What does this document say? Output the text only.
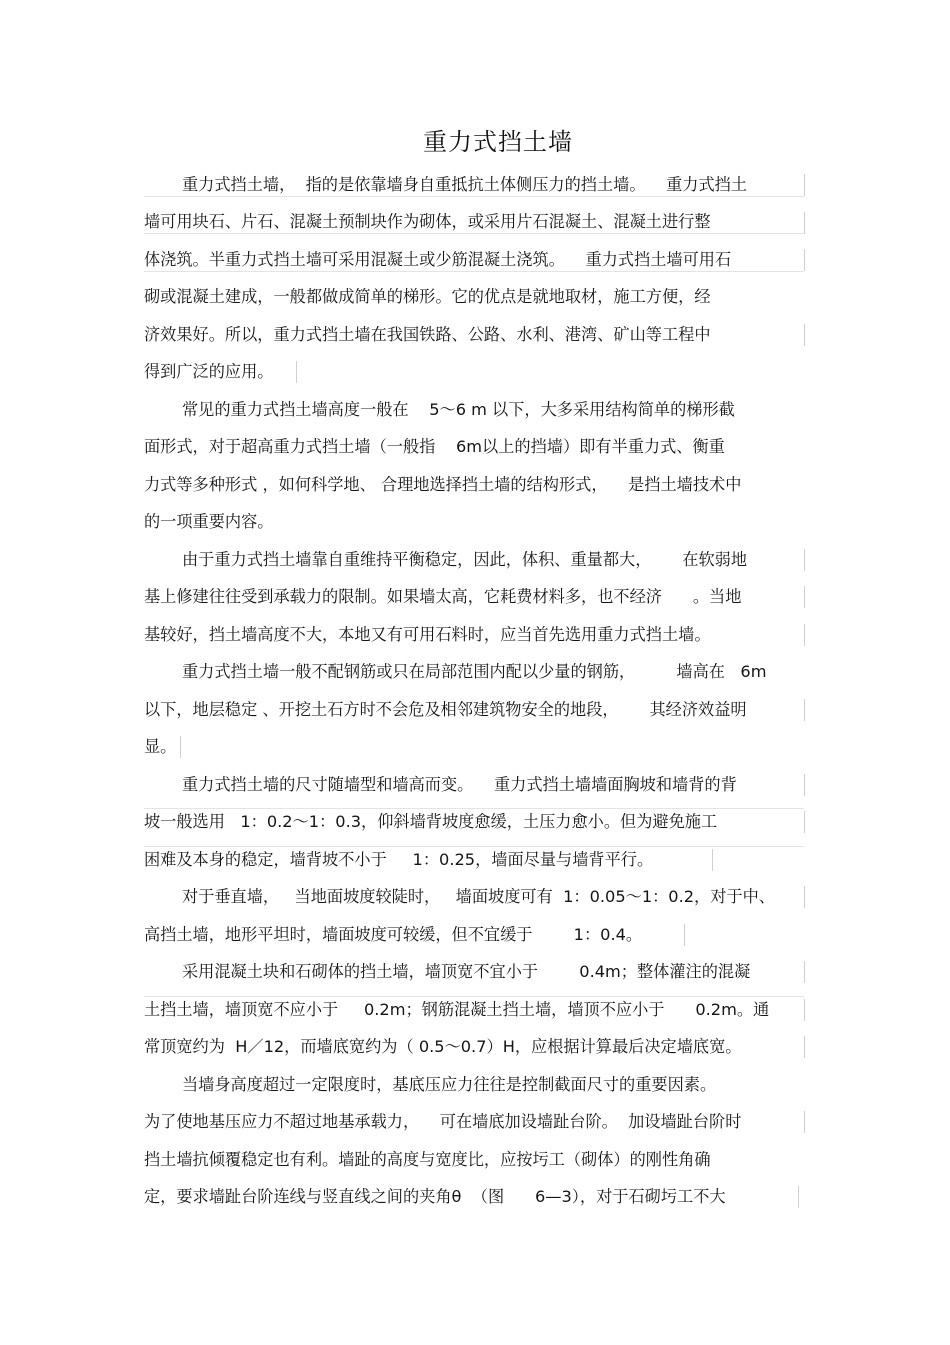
重力式挡土墙
重力式挡土墙，  指的是依靠墙身自重抵抗土体侧压力的挡土墙。    重力式挡土
墙可用块石、片石、混凝土预制块作为砌体，或采用片石混凝土、混凝土进行整
体浇筑。半重力式挡土墙可采用混凝土或少筋混凝土浇筑。    重力式挡土墙可用石
砌或混凝土建成，一般都做成简单的梯形。它的优点是就地取材，施工方便，经
济效果好。所以，重力式挡土墙在我国铁路、公路、水利、港湾、矿山等工程中
得到广泛的应用。
常见的重力式挡土墙高度一般在    5～6 m 以下，大多采用结构简单的梯形截
面形式，对于超高重力式挡土墙（一般指    6m以上的挡墙）即有半重力式、衡重
力式等多种形式 ，如何科学地、 合理地选择挡土墙的结构形式，    是挡土墙技术中
的一项重要内容。
由于重力式挡土墙靠自重维持平衡稳定，因此，体积、重量都大，      在软弱地
基上修建往往受到承载力的限制。如果墙太高，它耗费材料多，也不经济      。当地
基较好，挡土墙高度不大，本地又有可用石料时，应当首先选用重力式挡土墙。
重力式挡土墙一般不配钢筋或只在局部范围内配以少量的钢筋，        墙高在   6m
以下，地层稳定 、开挖土石方时不会危及相邻建筑物安全的地段，      其经济效益明
显。
重力式挡土墙的尺寸随墙型和墙高而变。    重力式挡土墙墙面胸坡和墙背的背
坡一般选用   1：0.2～1：0.3，仰斜墙背坡度愈缓，土压力愈小。但为避免施工
困难及本身的稳定，墙背坡不小于     1：0.25，墙面尽量与墙背平行。
对于垂直墙，   当地面坡度较陡时，   墙面坡度可有  1：0.05～1：0.2，对于中、
高挡土墙，地形平坦时，墙面坡度可较缓，但不宜缓于        1：0.4。
采用混凝土块和石砌体的挡土墙，墙顶宽不宜小于        0.4m；整体灌注的混凝
土挡土墙，墙顶宽不应小于     0.2m；钢筋混凝土挡土墙，墙顶不应小于      0.2m。通
常顶宽约为  H／12，而墙底宽约为（ 0.5～0.7）H，应根据计算最后决定墙底宽。
当墙身高度超过一定限度时，基底压应力往往是控制截面尺寸的重要因素。
为了使地基压应力不超过地基承载力，    可在墙底加设墙趾台阶。  加设墙趾台阶时
挡土墙抗倾覆稳定也有利。墙趾的高度与宽度比，应按圬工（砌体）的刚性角确
定，要求墙趾台阶连线与竖直线之间的夹角θ  （图      6—3），对于石砌圬工不大
